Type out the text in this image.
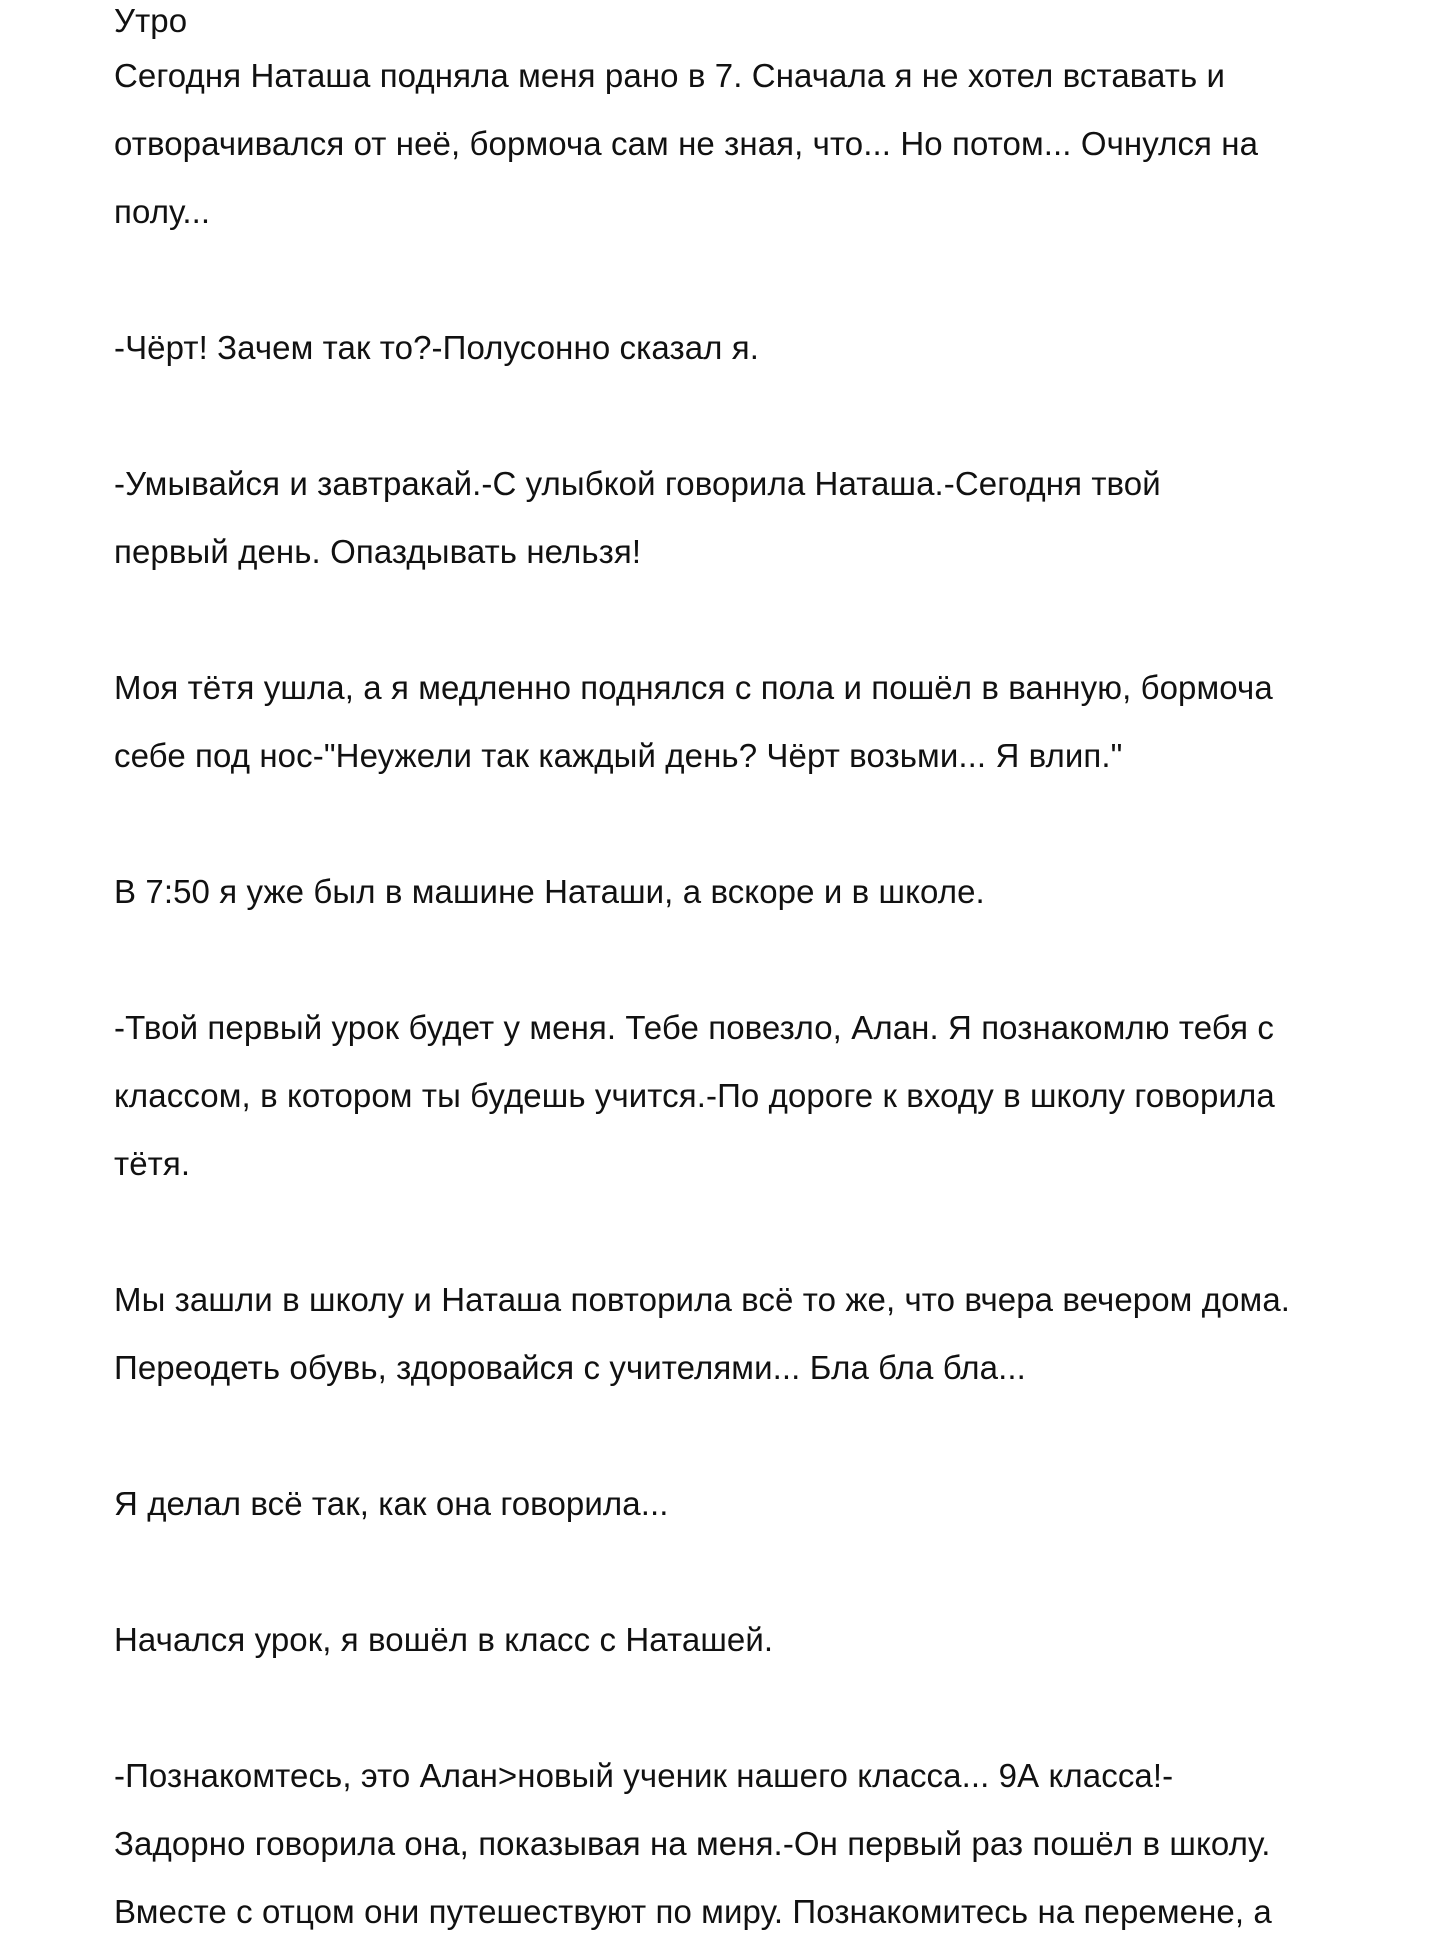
Утро

Сегодня Наташа подняла меня рано в 7. Сначала я не хотел вставать и
отворачивался от неё, бормоча сам не зная, что... Но потом... Очнулся на
полу...

-Чёрт! Зачем так то?-Полусонно сказал я.

-Умывайся и завтракай.-С улыбкой говорила Наташа.-Сегодня твой
первый день. Опаздывать нельзя!

Моя тётя ушла, а я медленно поднялся с пола и пошёл в ванную, бормоча
себе под нос-"Неужели так каждый день? Чёрт возьми... Я влип."

В 7:50 я уже был в машине Наташи, а вскоре и в школе.

-Твой первый урок будет у меня. Тебе повезло, Алан. Я познакомлю тебя с
классом, в котором ты будешь учится.-По дороге к входу в школу говорила
тётя.

Мы зашли в школу и Наташа повторила всё то же, что вчера вечером дома.
Переодеть обувь, здоровайся с учителями... Бла бла бла...

Я делал всё так, как она говорила...

Начался урок, я вошёл в класс с Наташей.

-Познакомтесь, это Алан>новый ученик нашего класса... 9А класса!-
Задорно говорила она, показывая на меня.-Он первый раз пошёл в школу.
Вместе с отцом они путешествуют по миру. Познакомитесь на перемене, а
